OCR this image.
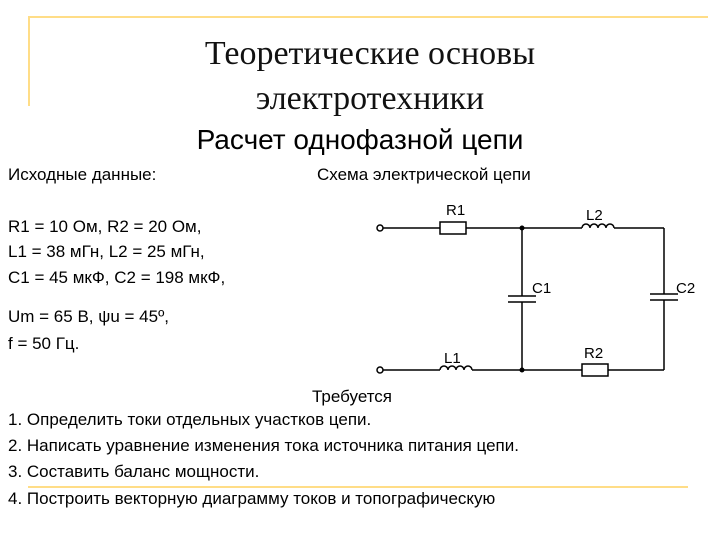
Теоретические основы
электротехники
Расчет однофазной цепи
Исходные данные:
R1 = 10 Ом, R2 = 20 Ом,
L1 = 38 мГн, L2 = 25 мГн,
C1 = 45 мкФ, C2 = 198 мкФ,
Um = 65 В, ψu = 45º,
f = 50 Гц.
Схема электрической цепи
R1	L2
C1	C2
L1	R2
Требуется
1. Определить токи отдельных участков цепи.
2. Написать уравнение изменения тока источника питания цепи.
3. Составить баланс мощности.
4. Построить векторную диаграмму токов и топографическую
